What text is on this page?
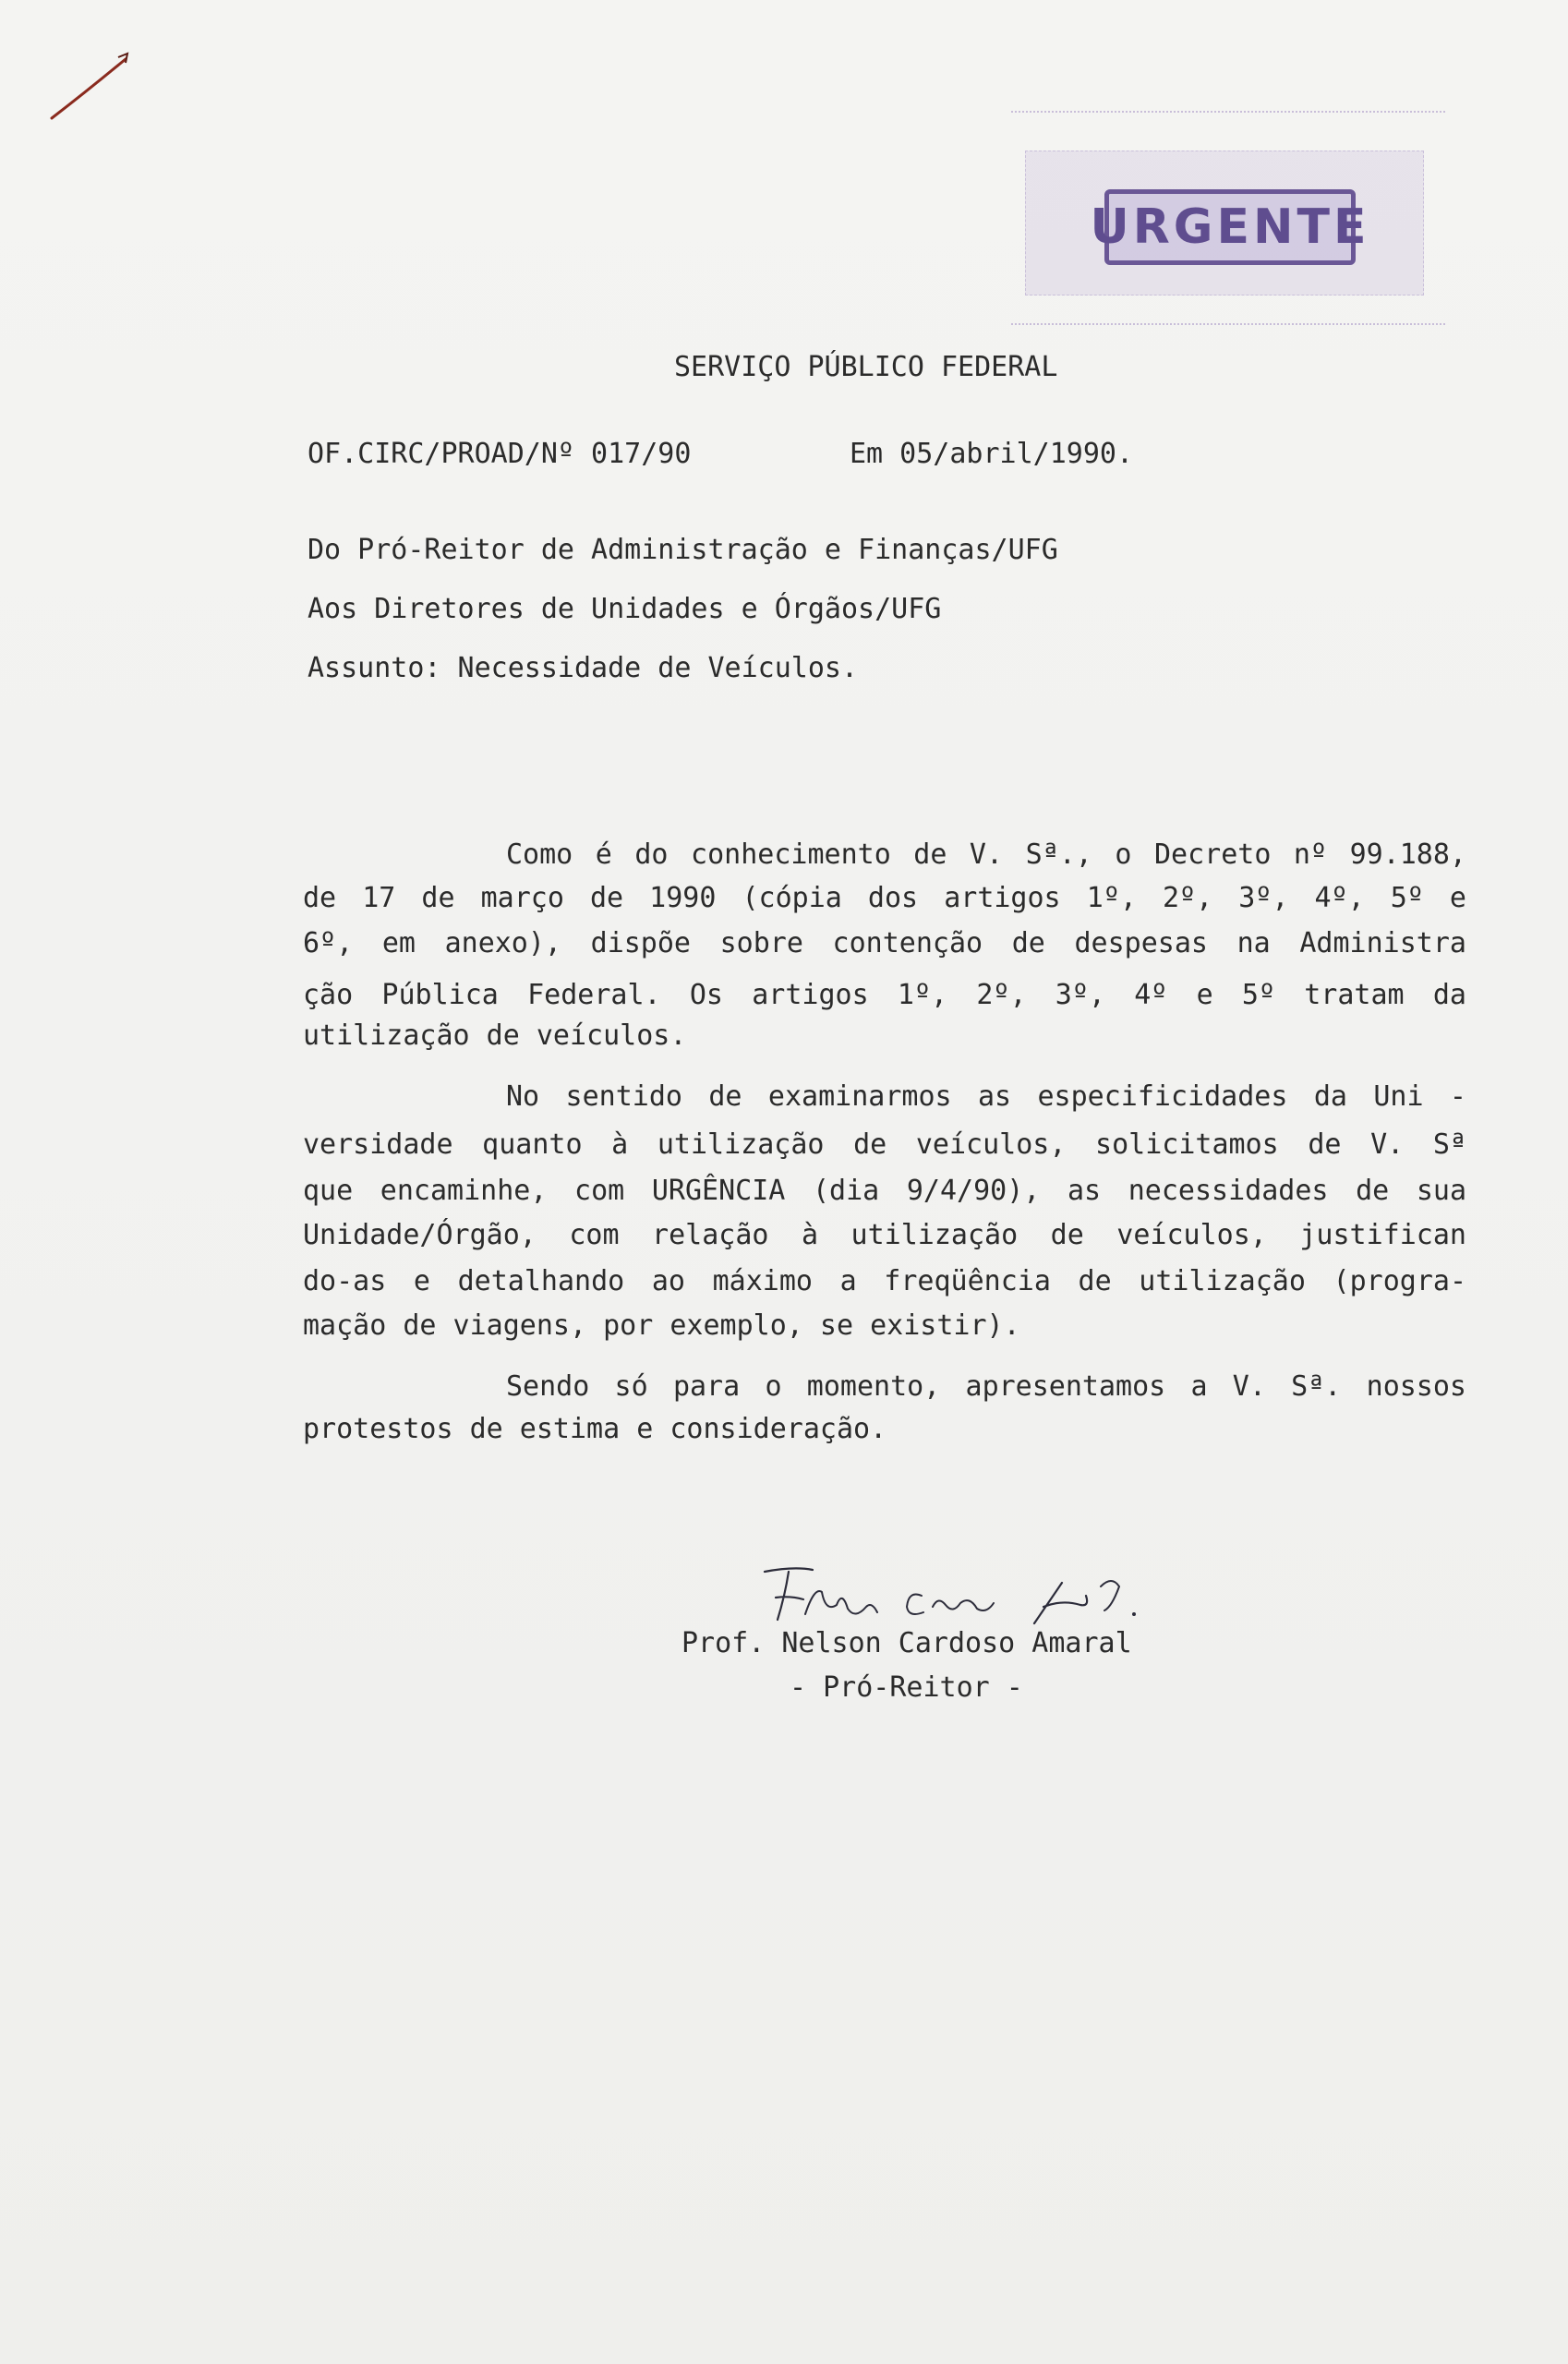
URGENTE
SERVIÇO PÚBLICO FEDERAL
OF.CIRC/PROAD/Nº 017/90	Em 05/abril/1990.
Do Pró-Reitor de Administração e Finanças/UFG
Aos Diretores de Unidades e Órgãos/UFG
Assunto: Necessidade de Veículos.
Como é do conhecimento de V. Sª., o Decreto nº 99.188,
de 17 de março de 1990 (cópia dos artigos 1º, 2º, 3º, 4º, 5º e
6º, em anexo), dispõe sobre contenção de despesas na Administra
ção Pública Federal. Os artigos 1º, 2º, 3º, 4º e 5º tratam da
utilização de veículos.
No sentido de examinarmos as especificidades da Uni -
versidade quanto à utilização de veículos, solicitamos de V. Sª
que encaminhe, com URGÊNCIA (dia 9/4/90), as necessidades de sua
Unidade/Órgão, com relação à utilização de veículos, justifican
do-as e detalhando ao máximo a freqüência de utilização (progra-
mação de viagens, por exemplo, se existir).
Sendo só para o momento, apresentamos a V. Sª. nossos
protestos de estima e consideração.
Prof. Nelson Cardoso Amaral
- Pró-Reitor -
